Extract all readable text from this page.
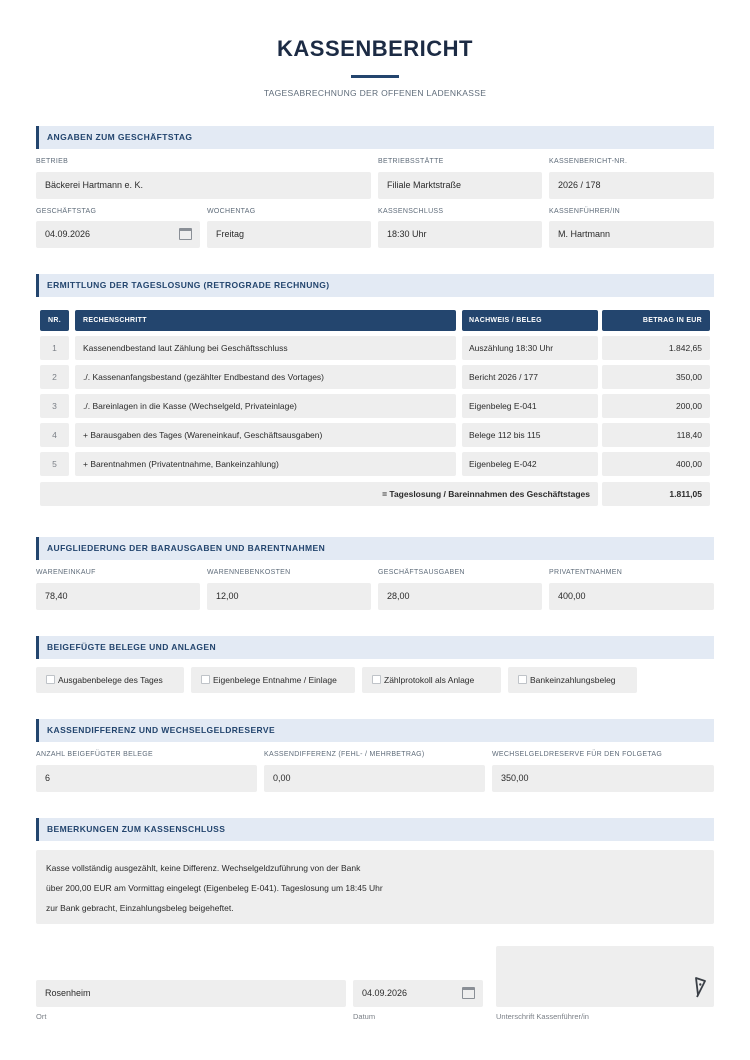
KASSENBERICHT
TAGESABRECHNUNG DER OFFENEN LADENKASSE
ANGABEN ZUM GESCHÄFTSTAG
BETRIEB
Bäckerei Hartmann e. K.
BETRIEBSSTÄTTE
Filiale Marktstraße
KASSENBERICHT-NR.
2026 / 178
GESCHÄFTSTAG
04.09.2026
WOCHENTAG
Freitag
KASSENSCHLUSS
18:30 Uhr
KASSENFÜHRER/IN
M. Hartmann
ERMITTLUNG DER TAGESLOSUNG (RETROGRADE RECHNUNG)
NR.	RECHENSCHRITT	NACHWEIS / BELEG	BETRAG IN EUR
1	Kassenendbestand laut Zählung bei Geschäftsschluss	Auszählung 18:30 Uhr	1.842,65
2	./. Kassenanfangsbestand (gezählter Endbestand des Vortages)	Bericht 2026 / 177	350,00
3	./. Bareinlagen in die Kasse (Wechselgeld, Privateinlage)	Eigenbeleg E-041	200,00
4	+ Barausgaben des Tages (Wareneinkauf, Geschäftsausgaben)	Belege 112 bis 115	118,40
5	+ Barentnahmen (Privatentnahme, Bankeinzahlung)	Eigenbeleg E-042	400,00
= Tageslosung / Bareinnahmen des Geschäftstages	1.811,05
AUFGLIEDERUNG DER BARAUSGABEN UND BARENTNAHMEN
WARENEINKAUF
78,40
WARENNEBENKOSTEN
12,00
GESCHÄFTSAUSGABEN
28,00
PRIVATENTNAHMEN
400,00
BEIGEFÜGTE BELEGE UND ANLAGEN
Ausgabenbelege des Tages	Eigenbelege Entnahme / Einlage	Zählprotokoll als Anlage	Bankeinzahlungsbeleg
KASSENDIFFERENZ UND WECHSELGELDRESERVE
ANZAHL BEIGEFÜGTER BELEGE
6
KASSENDIFFERENZ (FEHL- / MEHRBETRAG)
0,00
WECHSELGELDRESERVE FÜR DEN FOLGETAG
350,00
BEMERKUNGEN ZUM KASSENSCHLUSS
Kasse vollständig ausgezählt, keine Differenz. Wechselgeldzuführung von der Bank
über 200,00 EUR am Vormittag eingelegt (Eigenbeleg E-041). Tageslosung um 18:45 Uhr
zur Bank gebracht, Einzahlungsbeleg beigeheftet.
Rosenheim
Ort
04.09.2026
Datum	Unterschrift Kassenführer/in
